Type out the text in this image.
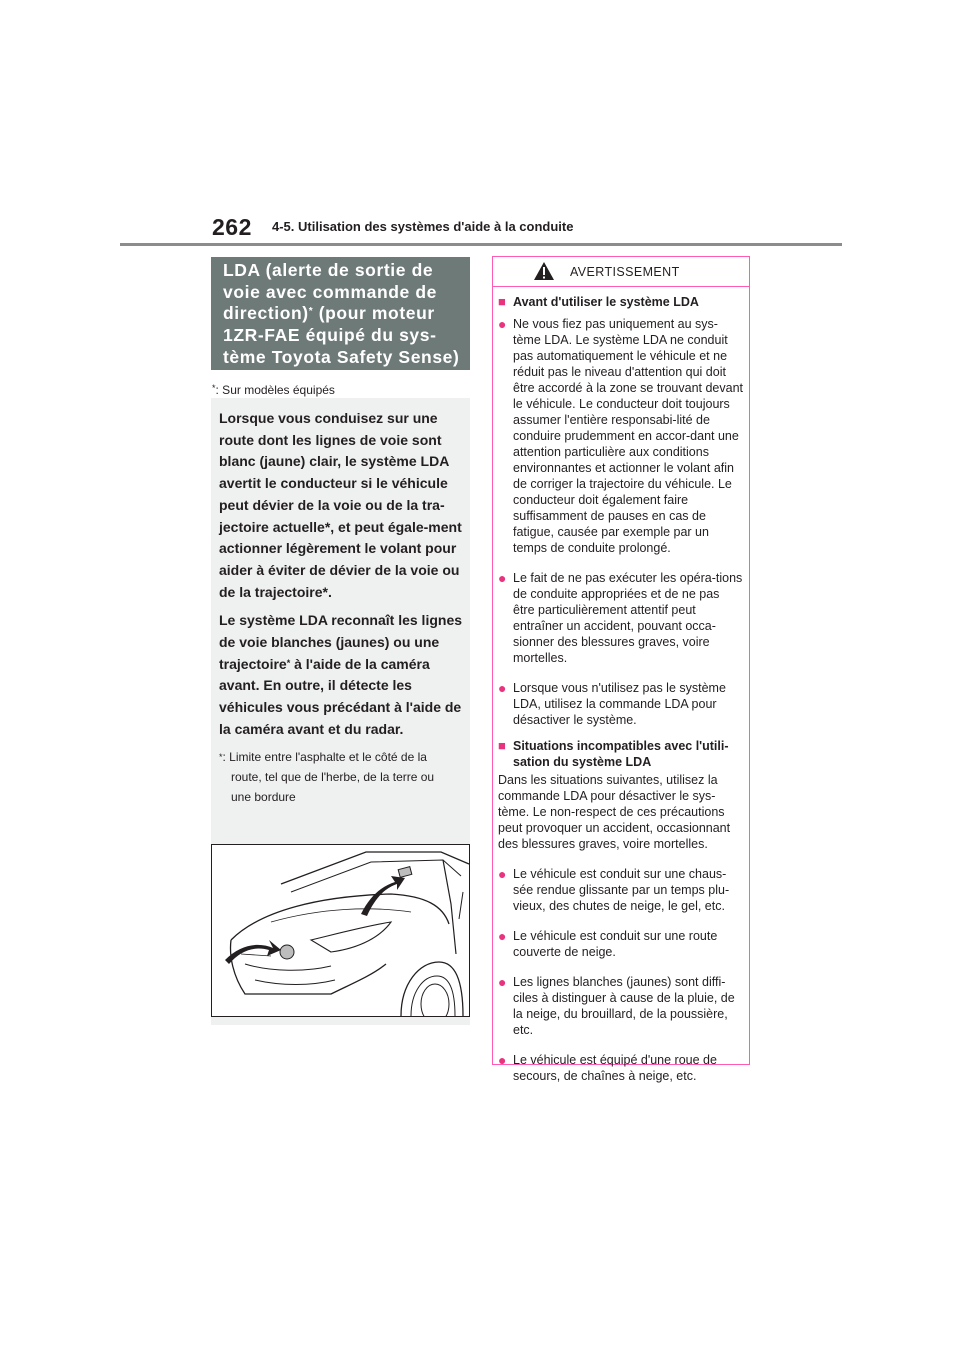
262 4-5. Utilisation des systèmes d'aide à la conduite
LDA (alerte de sortie de
voie avec commande de
direction)* (pour moteur
1ZR-FAE équipé du sys-
tème Toyota Safety Sense)
*: Sur modèles équipés

Lorsque vous conduisez sur une route dont les lignes de voie sont blanc (jaune) clair, le système LDA avertit le conducteur si le véhicule peut dévier de la voie ou de la tra-jectoire actuelle*, et peut égale-ment actionner légèrement le volant pour aider à éviter de dévier de la voie ou de la trajectoire*.

Le système LDA reconnaît les lignes de voie blanches (jaunes) ou une trajectoire* à l'aide de la caméra avant. En outre, il détecte les véhicules vous précédant à l'aide de la caméra avant et du radar.

*: Limite entre l'asphalte et le côté de la
route, tel que de l'herbe, de la terre ou
une bordure
AVERTISSEMENT
■ Avant d'utiliser le système LDA
● Ne vous fiez pas uniquement au sys-tème LDA. Le système LDA ne conduit pas automatiquement le véhicule et ne réduit pas le niveau d'attention qui doit être accordé à la zone se trouvant devant le véhicule. Le conducteur doit toujours assumer l'entière responsabi-lité de conduire prudemment en accor-dant une attention particulière aux conditions environnantes et actionner le volant afin de corriger la trajectoire du véhicule. Le conducteur doit également faire suffisamment de pauses en cas de fatigue, causée par exemple par un temps de conduite prolongé.
● Le fait de ne pas exécuter les opéra-tions de conduite appropriées et de ne pas être particulièrement attentif peut entraîner un accident, pouvant occa-sionner des blessures graves, voire mortelles.
● Lorsque vous n'utilisez pas le système LDA, utilisez la commande LDA pour désactiver le système.
■ Situations incompatibles avec l'utili-sation du système LDA
Dans les situations suivantes, utilisez la commande LDA pour désactiver le sys-tème. Le non-respect de ces précautions peut provoquer un accident, occasionnant des blessures graves, voire mortelles.
● Le véhicule est conduit sur une chaus-sée rendue glissante par un temps plu-vieux, des chutes de neige, le gel, etc.
● Le véhicule est conduit sur une route couverte de neige.
● Les lignes blanches (jaunes) sont diffi-ciles à distinguer à cause de la pluie, de la neige, du brouillard, de la poussière, etc.
● Le véhicule est équipé d'une roue de secours, de chaînes à neige, etc.
